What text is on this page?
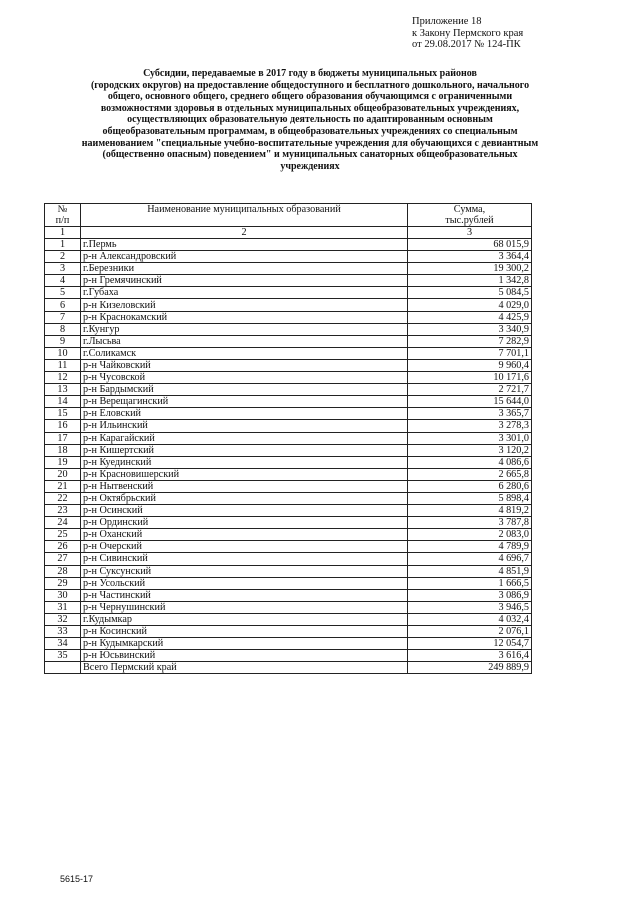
Приложение 18
к Закону Пермского края
от 29.08.2017 № 124-ПК
Субсидии, передаваемые в 2017 году в бюджеты муниципальных районов
(городских округов) на предоставление общедоступного и бесплатного дошкольного, начального
общего, основного общего, среднего общего образования обучающимся с ограниченными
возможностями здоровья в отдельных муниципальных общеобразовательных учреждениях,
осуществляющих образовательную деятельность по адаптированным основным
общеобразовательным программам, в общеобразовательных учреждениях со специальным
наименованием "специальные учебно-воспитательные учреждения для обучающихся с девиантным
(общественно опасным) поведением" и муниципальных санаторных общеобразовательных
учреждениях
№
п/п	Наименование муниципальных образований	Сумма,
тыс.рублей
1	2	3
1	г.Пермь	68 015,9
2	р-н Александровский	3 364,4
3	г.Березники	19 300,2
4	р-н Гремячинский	1 342,8
5	г.Губаха	5 084,5
6	р-н Кизеловский	4 029,0
7	р-н Краснокамский	4 425,9
8	г.Кунгур	3 340,9
9	г.Лысьва	7 282,9
10	г.Соликамск	7 701,1
11	р-н Чайковский	9 960,4
12	р-н Чусовской	10 171,6
13	р-н Бардымский	2 721,7
14	р-н Верещагинский	15 644,0
15	р-н Еловский	3 365,7
16	р-н Ильинский	3 278,3
17	р-н Карагайский	3 301,0
18	р-н Кишертский	3 120,2
19	р-н Куединский	4 086,6
20	р-н Красновишерский	2 665,8
21	р-н Нытвенский	6 280,6
22	р-н Октябрьский	5 898,4
23	р-н Осинский	4 819,2
24	р-н Ординский	3 787,8
25	р-н Оханский	2 083,0
26	р-н Очерский	4 789,9
27	р-н Сивинский	4 696,7
28	р-н Суксунский	4 851,9
29	р-н Усольский	1 666,5
30	р-н Частинский	3 086,9
31	р-н Чернушинский	3 946,5
32	г.Кудымкар	4 032,4
33	р-н Косинский	2 076,1
34	р-н Кудымкарский	12 054,7
35	р-н Юсьвинский	3 616,4
	Всего Пермский край	249 889,9
5615-17
